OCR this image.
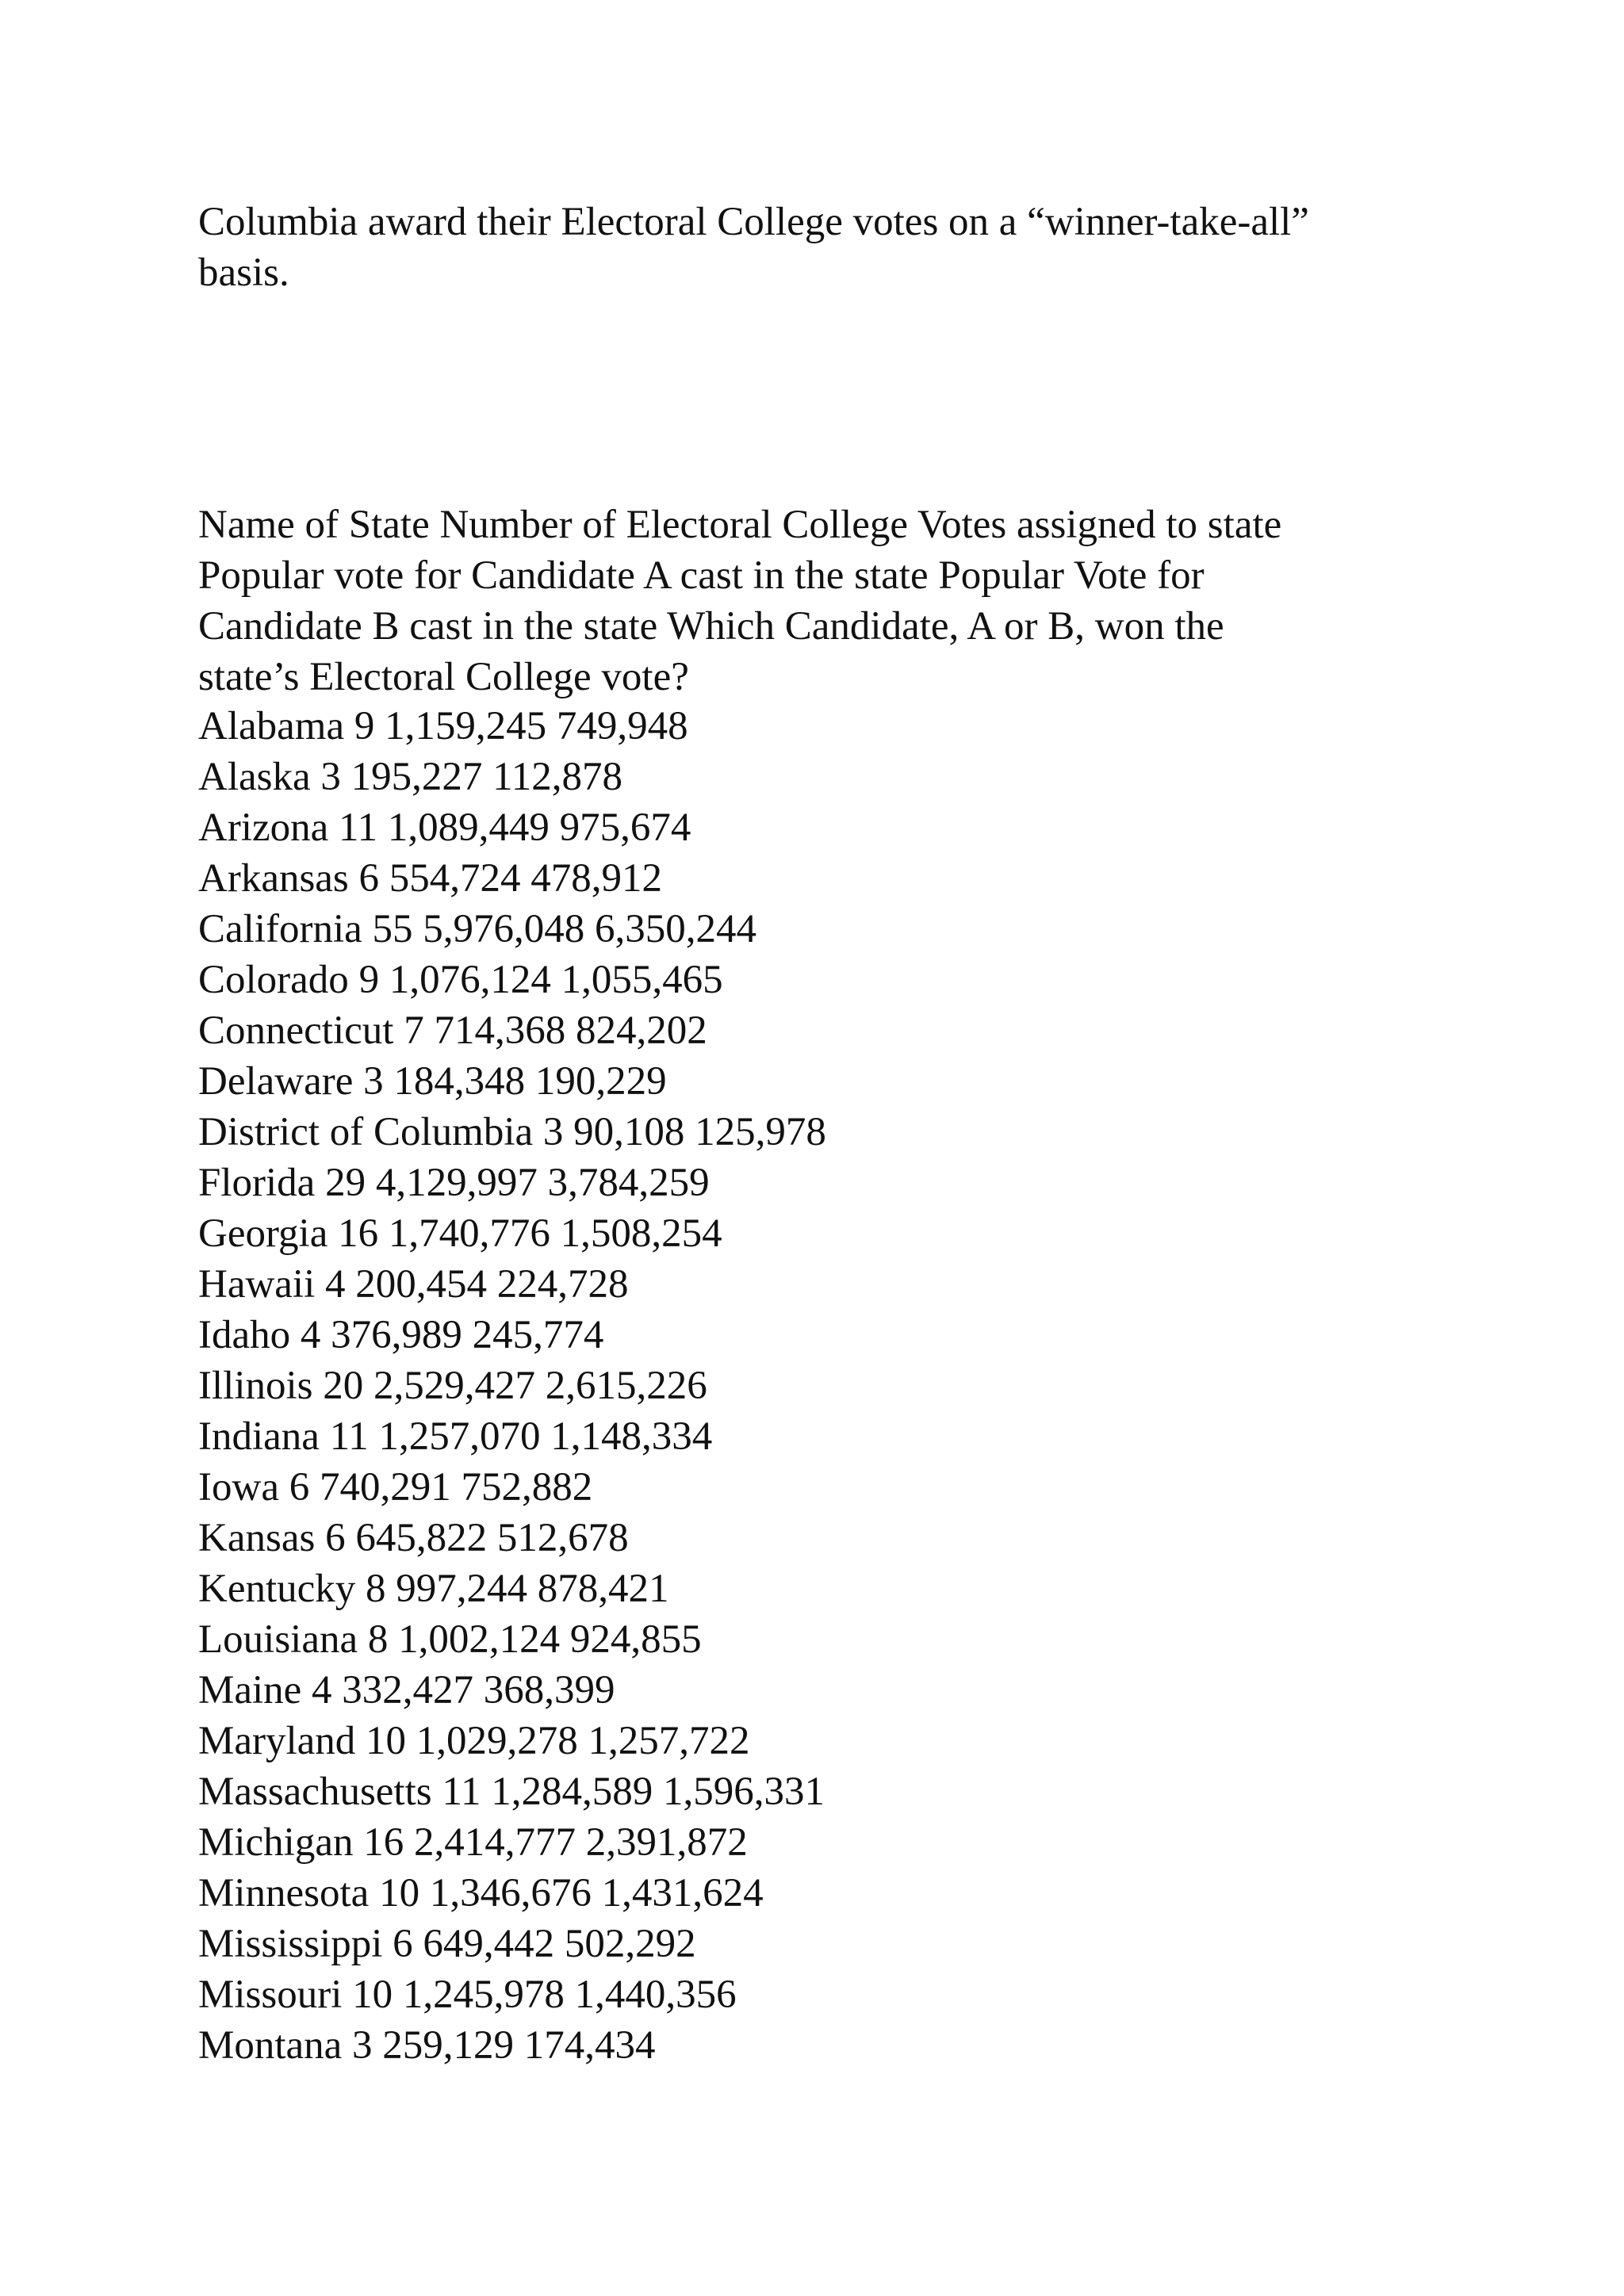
Columbia award their Electoral College votes on a “winner-take-all”
basis.

Name of State Number of Electoral College Votes assigned to state

Popular vote for Candidate A cast in the state Popular Vote for

Candidate B cast in the state Which Candidate, A or B, won the

state’s Electoral College vote?

Alabama 9 1,159,245 749,948
Alaska 3 195,227 112,878
Arizona 11 1,089,449 975,674
Arkansas 6 554,724 478,912
California 55 5,976,048 6,350,244
Colorado 9 1,076,124 1,055,465
Connecticut 7 714,368 824,202
Delaware 3 184,348 190,229
District of Columbia 3 90,108 125,978
Florida 29 4,129,997 3,784,259
Georgia 16 1,740,776 1,508,254
Hawaii 4 200,454 224,728
Idaho 4 376,989 245,774
Illinois 20 2,529,427 2,615,226
Indiana 11 1,257,070 1,148,334
Iowa 6 740,291 752,882
Kansas 6 645,822 512,678
Kentucky 8 997,244 878,421
Louisiana 8 1,002,124 924,855
Maine 4 332,427 368,399
Maryland 10 1,029,278 1,257,722
Massachusetts 11 1,284,589 1,596,331
Michigan 16 2,414,777 2,391,872
Minnesota 10 1,346,676 1,431,624
Mississippi 6 649,442 502,292
Missouri 10 1,245,978 1,440,356
Montana 3 259,129 174,434
